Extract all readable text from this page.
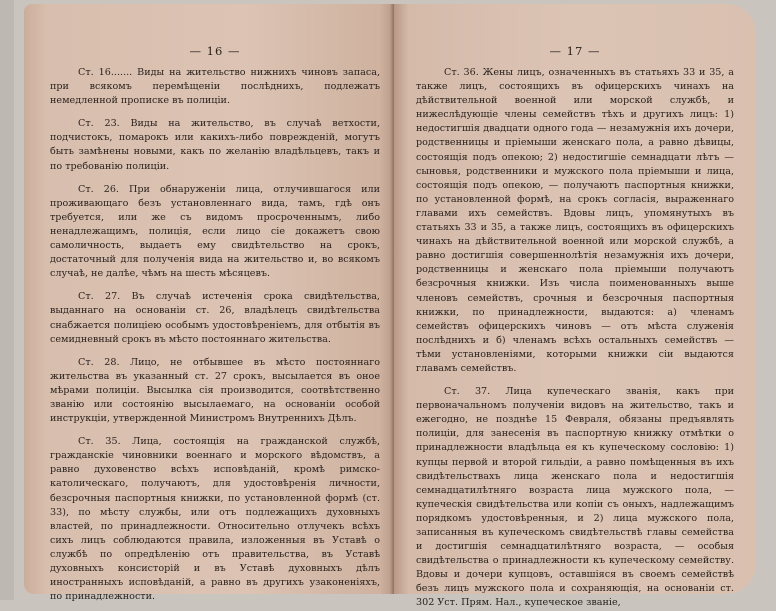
— 16 —

Ст. 16....... Виды на жительство нижнихъ чиновъ запаса, при всякомъ перемѣщенiи послѣднихъ, подлежатъ немедленной прописке въ полицiи.

Ст. 23. Виды на жительство, въ случаѣ ветхости, подчистокъ, помарокъ или какихъ-либо поврежденiй, могутъ быть замѣнены новыми, какъ по желанiю владѣльцевъ, такъ и по требованiю полицiи.

Ст. 26. При обнаруженiи лица, отлучившагося или проживающаго безъ установленнаго вида, тамъ, гдѣ онъ требуется, или же съ видомъ просроченнымъ, либо ненадлежащимъ, полицiя, если лицо сiе докажетъ свою самоличность, выдаетъ ему свидѣтельство на срокъ, достаточный для полученiя вида на жительство и, во всякомъ случаѣ, не далѣе, чѣмъ на шесть мѣсяцевъ.

Ст. 27. Въ случаѣ истеченiя срока свидѣтельства, выданнаго на основанiи ст. 26, владѣлецъ свидѣтельства снабжается полицiею особымъ удостовѣренiемъ, для отбытiя въ семидневный срокъ въ мѣсто постояннаго жительства.

Ст. 28. Лицо, не отбывшее въ мѣсто постояннаго жительства въ указанный ст. 27 срокъ, высылается въ оное мѣрами полицiи. Высылка сiя производится, соотвѣтственно званiю или состоянiю высылаемаго, на основанiи особой инструкцiи, утвержденной Министромъ Внутреннихъ Дѣлъ.

Ст. 35. Лица, состоящiя на гражданской службѣ, гражданскiе чиновники военнаго и морского вѣдомствъ, а равно духовенство всѣхъ исповѣданiй, кромѣ римско-католическаго, получаютъ, для удостовѣренiя личности, безсрочныя паспортныя книжки, по установленной формѣ (ст. 33), по мѣсту службы, или отъ подлежащихъ духовныхъ властей, по принадлежности. Относительно отлучекъ всѣхъ сихъ лицъ соблюдаются правила, изложенныя въ Уставѣ о службѣ по опредѣленiю отъ правительства, въ Уставѣ духовныхъ консисторiй и въ Уставѣ духовныхъ дѣлъ иностранныхъ исповѣданiй, а равно въ другихъ узаконенiяхъ, по принадлежности.

— 17 —

Ст. 36. Жены лицъ, означенныхъ въ статьяхъ 33 и 35, а также лицъ, состоящихъ въ офицерскихъ чинахъ на дѣйствительной военной или морской службѣ, и нижеслѣдующiе члены семействъ тѣхъ и другихъ лицъ: 1) недостигшiя двадцати одного года — незамужнiя ихъ дочери, родственницы и прiемыши женскаго пола, а равно дѣвицы, состоящiя подъ опекою; 2) недостигшiе семнадцати лѣтъ — сыновья, родственники и мужского пола прiемыши и лица, состоящiя подъ опекою, — получаютъ паспортныя книжки, по установленной формѣ, на срокъ согласiя, выраженнаго главами ихъ семействъ. Вдовы лицъ, упомянутыхъ въ статьяхъ 33 и 35, а также лицъ, состоящихъ въ офицерскихъ чинахъ на дѣйствительной военной или морской службѣ, а равно достигшiя совершеннолѣтiя незамужнiя ихъ дочери, родственницы и женскаго пола прiемыши получаютъ безсрочныя книжки. Изъ числа поименованныхъ выше членовъ семействъ, срочныя и безсрочныя паспортныя книжки, по принадлежности, выдаются: а) членамъ семействъ офицерскихъ чиновъ — отъ мѣста служенiя послѣднихъ и б) членамъ всѣхъ остальныхъ семействъ — тѣми установленiями, которыми книжки сiи выдаются главамъ семействъ.

Ст. 37. Лица купеческаго званiя, какъ при первоначальномъ полученiи видовъ на жительство, такъ и ежегодно, не позднѣе 15 Февраля, обязаны предъявлять полицiи, для занесенiя въ паспортную книжку отмѣтки о принадлежности владѣльца ея къ купеческому сословiю: 1) купцы первой и второй гильдiи, а равно помѣщенныя въ ихъ свидѣтельствахъ лица женскаго пола и недостигшiя семнадцатилѣтняго возраста лица мужского пола, — купеческiя свидѣтельства или копiи съ оныхъ, надлежащимъ порядкомъ удостовѣренныя, и 2) лица мужского пола, записанныя въ купеческомъ свидѣтельствѣ главы семейства и достигшiя семнадцатилѣтняго возраста, — особыя свидѣтельства о принадлежности къ купеческому семейству. Вдовы и дочери купцовъ, оставшiяся въ своемъ семействѣ безъ лицъ мужского пола и сохраняющiя, на основанiи ст. 302 Уст. Прям. Нал., купеческое званiе,
